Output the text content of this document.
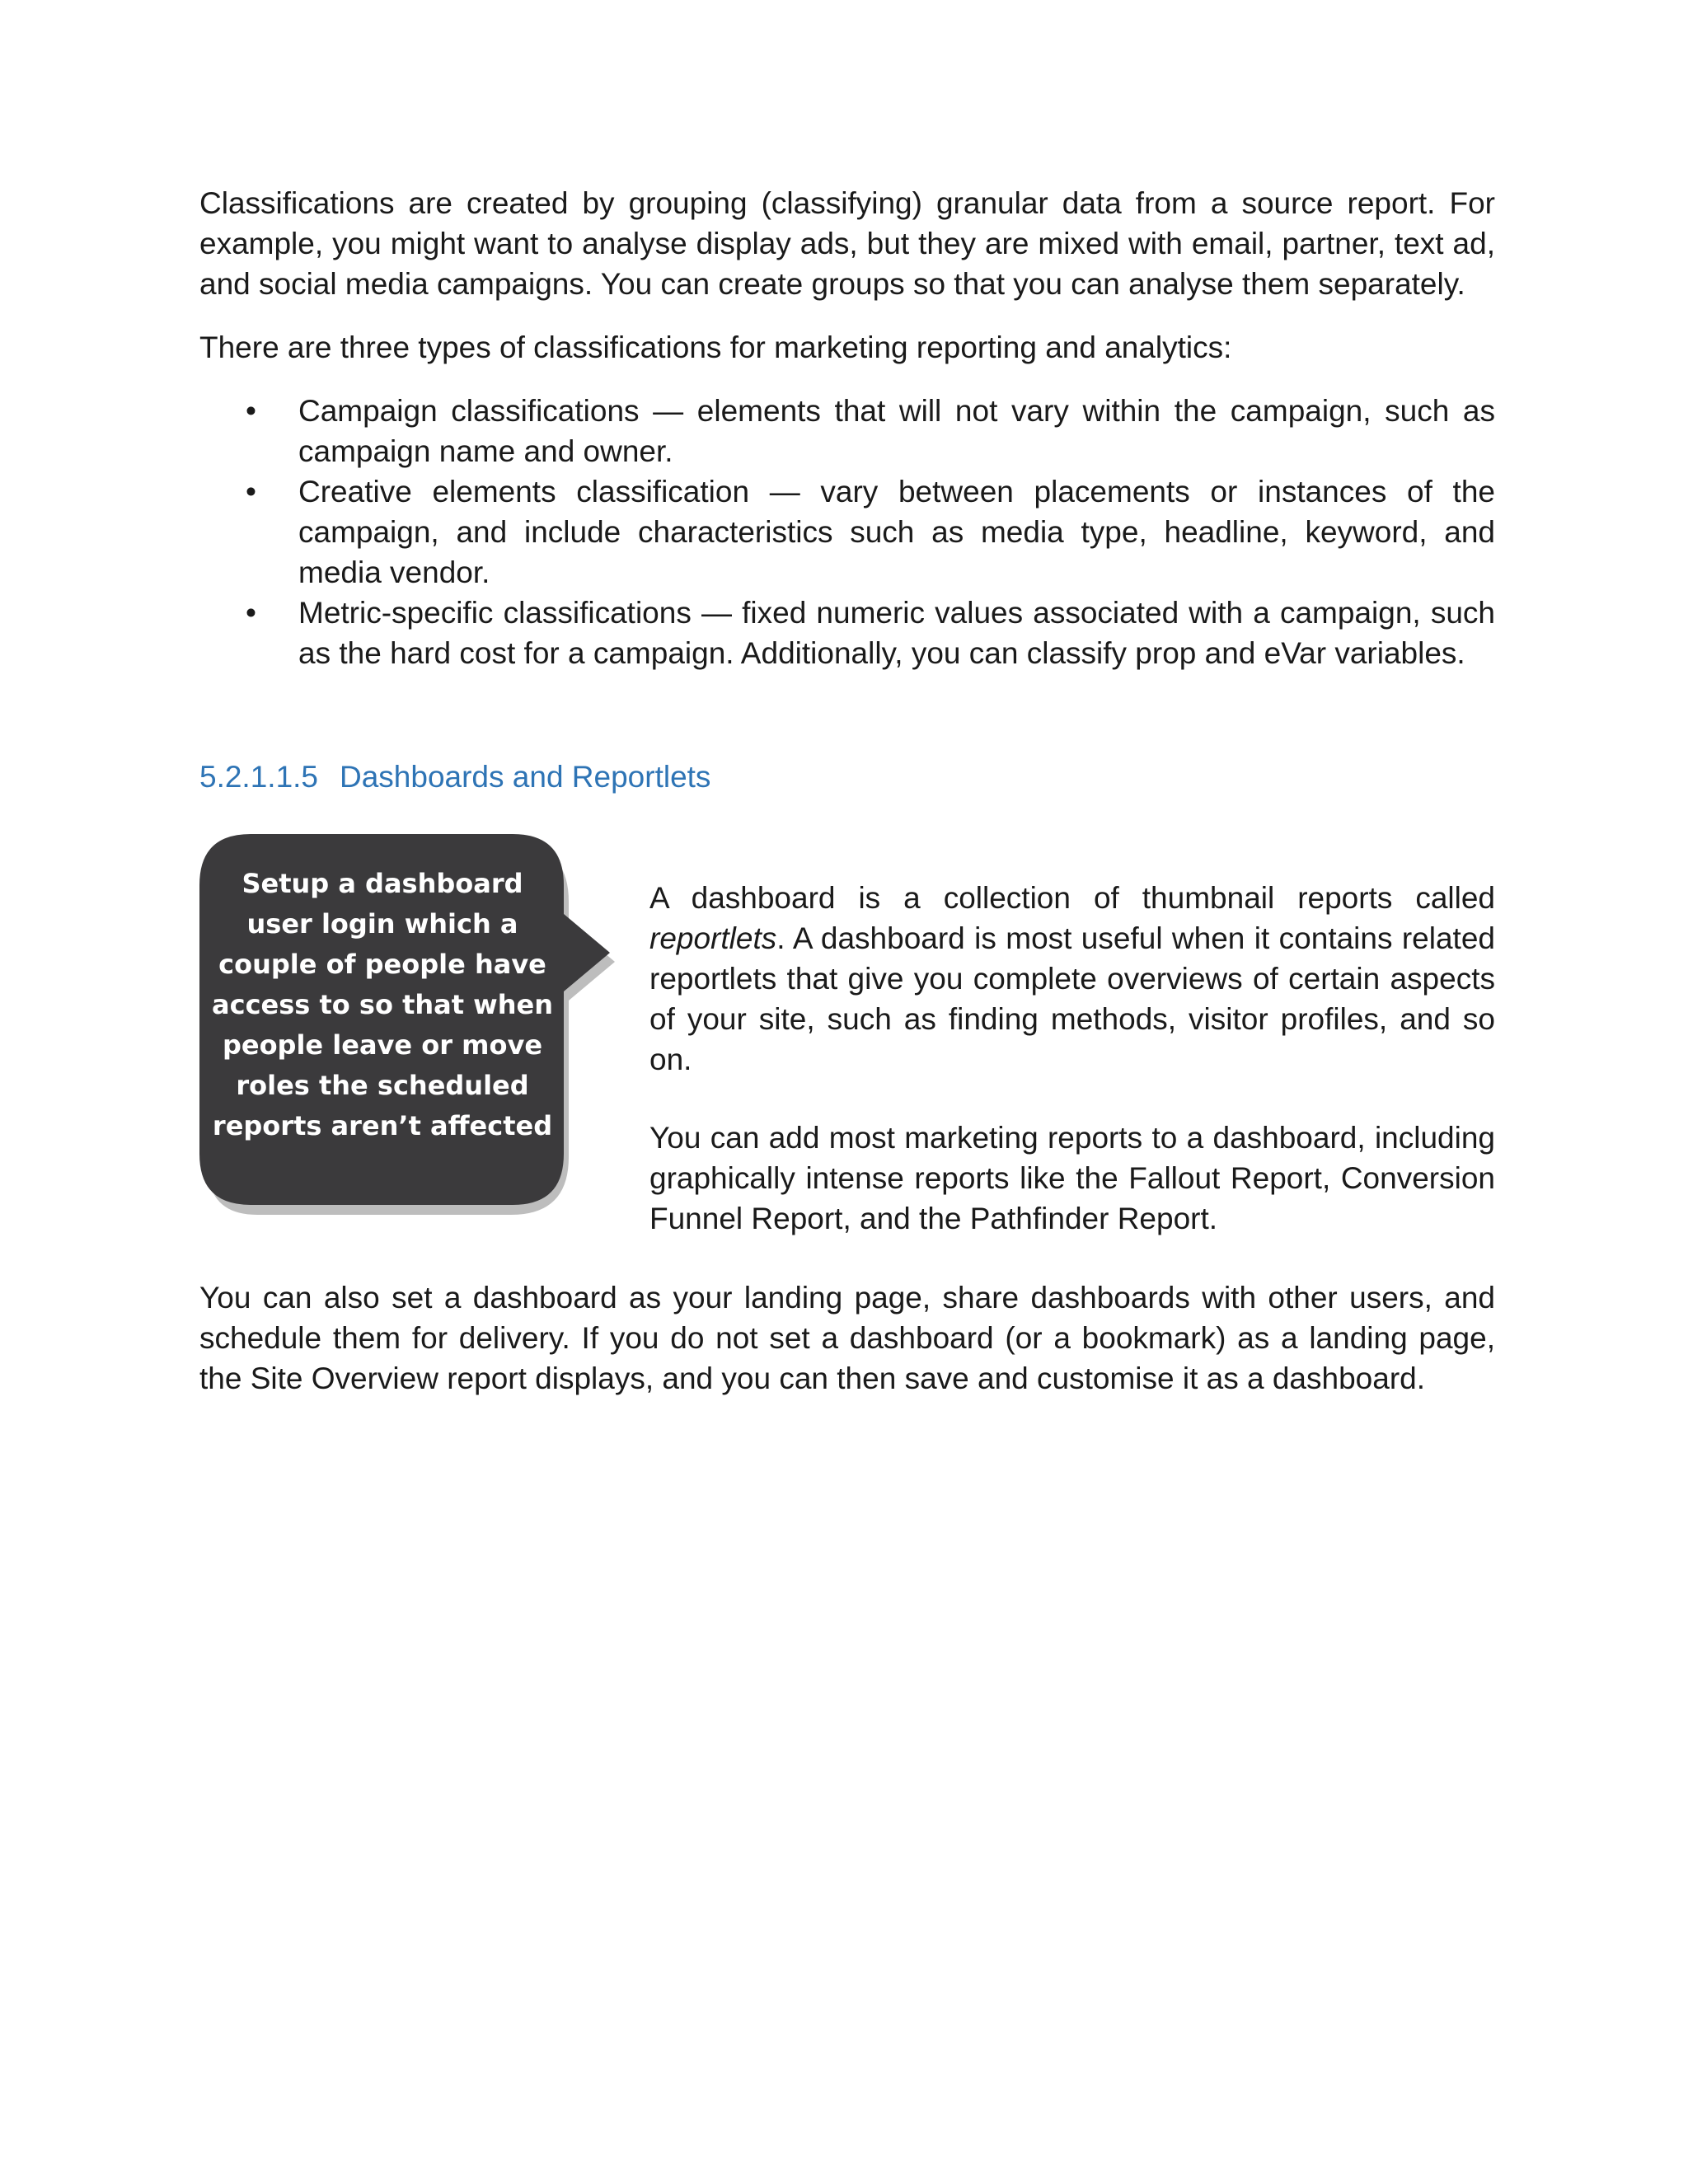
Classifications are created by grouping (classifying) granular data from a source report. For example, you might want to analyse display ads, but they are mixed with email, partner, text ad, and social media campaigns. You can create groups so that you can analyse them separately.

There are three types of classifications for marketing reporting and analytics:

• Campaign classifications — elements that will not vary within the campaign, such as campaign name and owner.
• Creative elements classification — vary between placements or instances of the campaign, and include characteristics such as media type, headline, keyword, and media vendor.
• Metric-specific classifications — fixed numeric values associated with a campaign, such as the hard cost for a campaign. Additionally, you can classify prop and eVar variables.
5.2.1.1.5 Dashboards and Reportlets

Setup a dashboard
user login which a
couple of people have
access to so that when
people leave or move
roles the scheduled
reports aren’t affected

A dashboard is a collection of thumbnail reports called reportlets. A dashboard is most useful when it contains related reportlets that give you complete overviews of certain aspects of your site, such as finding methods, visitor profiles, and so on.

You can add most marketing reports to a dashboard, including graphically intense reports like the Fallout Report, Conversion Funnel Report, and the Pathfinder Report.

You can also set a dashboard as your landing page, share dashboards with other users, and schedule them for delivery. If you do not set a dashboard (or a bookmark) as a landing page, the Site Overview report displays, and you can then save and customise it as a dashboard.
